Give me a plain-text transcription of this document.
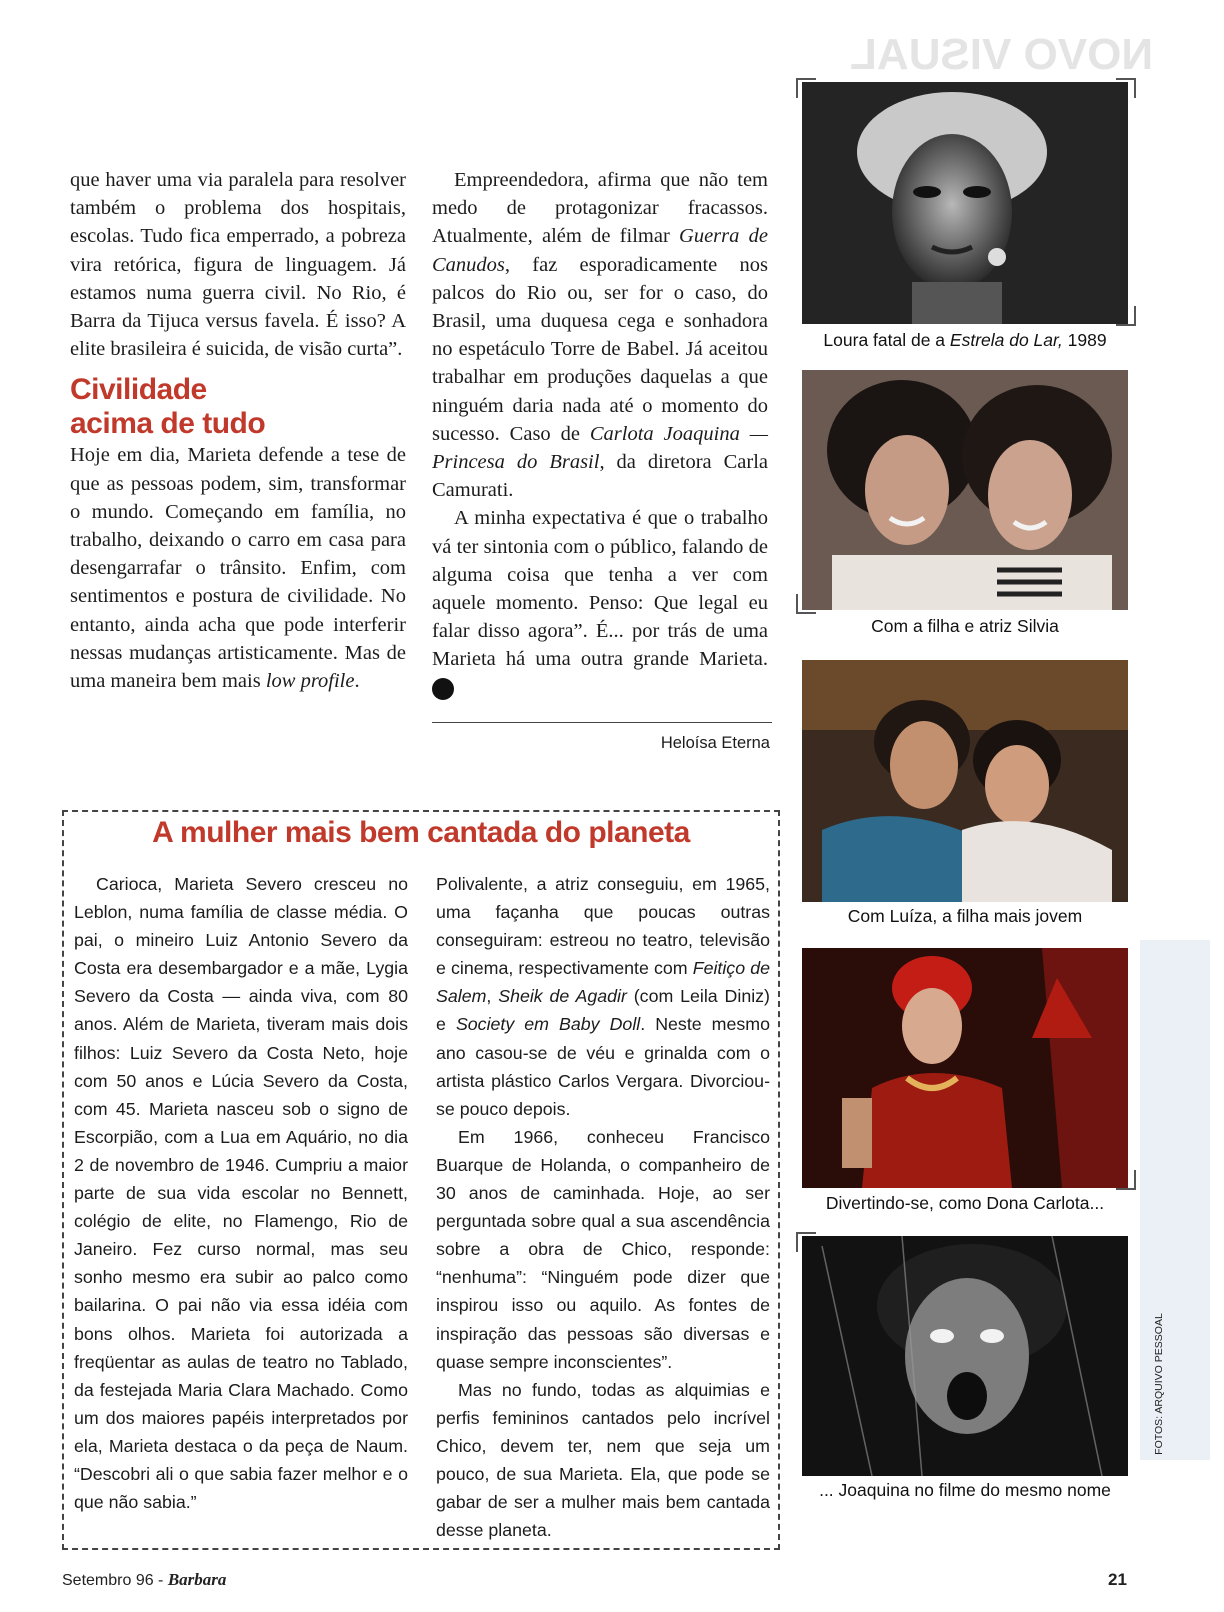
NOVO VISUAL

que haver uma via paralela para resolver também o problema dos hospitais, escolas. Tudo fica emperrado, a pobreza vira retórica, figura de linguagem. Já estamos numa guerra civil. No Rio, é Barra da Tijuca versus favela. É isso? A elite brasileira é suicida, de visão curta”.

Civilidade
acima de tudo

Hoje em dia, Marieta defende a tese de que as pessoas podem, sim, transformar o mundo. Começando em família, no trabalho, deixando o carro em casa para desengarrafar o trânsito. Enfim, com sentimentos e postura de civilidade. No entanto, ainda acha que pode interferir nessas mudanças artisticamente. Mas de uma maneira bem mais low profile.

Empreendedora, afirma que não tem medo de protagonizar fracassos. Atualmente, além de filmar Guerra de Canudos, faz esporadicamente nos palcos do Rio ou, ser for o caso, do Brasil, uma duquesa cega e sonhadora no espetáculo Torre de Babel. Já aceitou trabalhar em produções daquelas a que ninguém daria nada até o momento do sucesso. Caso de Carlota Joaquina — Princesa do Brasil, da diretora Carla Camurati.

A minha expectativa é que o trabalho vá ter sintonia com o público, falando de alguma coisa que tenha a ver com aquele momento. Penso: Que legal eu falar disso agora”. É... por trás de uma Marieta há uma outra grande Marieta. B

Heloísa Eterna
A mulher mais bem cantada do planeta

Carioca, Marieta Severo cresceu no Leblon, numa família de classe média. O pai, o mineiro Luiz Antonio Severo da Costa era desembargador e a mãe, Lygia Severo da Costa — ainda viva, com 80 anos. Além de Marieta, tiveram mais dois filhos: Luiz Severo da Costa Neto, hoje com 50 anos e Lúcia Severo da Costa, com 45. Marieta nasceu sob o signo de Escorpião, com a Lua em Aquário, no dia 2 de novembro de 1946. Cumpriu a maior parte de sua vida escolar no Bennett, colégio de elite, no Flamengo, Rio de Janeiro. Fez curso normal, mas seu sonho mesmo era subir ao palco como bailarina. O pai não via essa idéia com bons olhos. Marieta foi autorizada a freqüentar as aulas de teatro no Tablado, da festejada Maria Clara Machado. Como um dos maiores papéis interpretados por ela, Marieta destaca o da peça de Naum. “Descobri ali o que sabia fazer melhor e o que não sabia.”

Polivalente, a atriz conseguiu, em 1965, uma façanha que poucas outras conseguiram: estreou no teatro, televisão e cinema, respectivamente com Feitiço de Salem, Sheik de Agadir (com Leila Diniz) e Society em Baby Doll. Neste mesmo ano casou-se de véu e grinalda com o artista plástico Carlos Vergara. Divorciou-se pouco depois.

Em 1966, conheceu Francisco Buarque de Holanda, o companheiro de 30 anos de caminhada. Hoje, ao ser perguntada sobre qual a sua ascendência sobre a obra de Chico, responde: “nenhuma”: “Ninguém pode dizer que inspirou isso ou aquilo. As fontes de inspiração das pessoas são diversas e quase sempre inconscientes”.

Mas no fundo, todas as alquimias e perfis femininos cantados pelo incrível Chico, devem ter, nem que seja um pouco, de sua Marieta. Ela, que pode se gabar de ser a mulher mais bem cantada desse planeta.

Loura fatal de a Estrela do Lar, 1989
Com a filha e atriz Silvia
Com Luíza, a filha mais jovem
Divertindo-se, como Dona Carlota...
... Joaquina no filme do mesmo nome
FOTOS: ARQUIVO PESSOAL
Setembro 96 - Barbara	21
